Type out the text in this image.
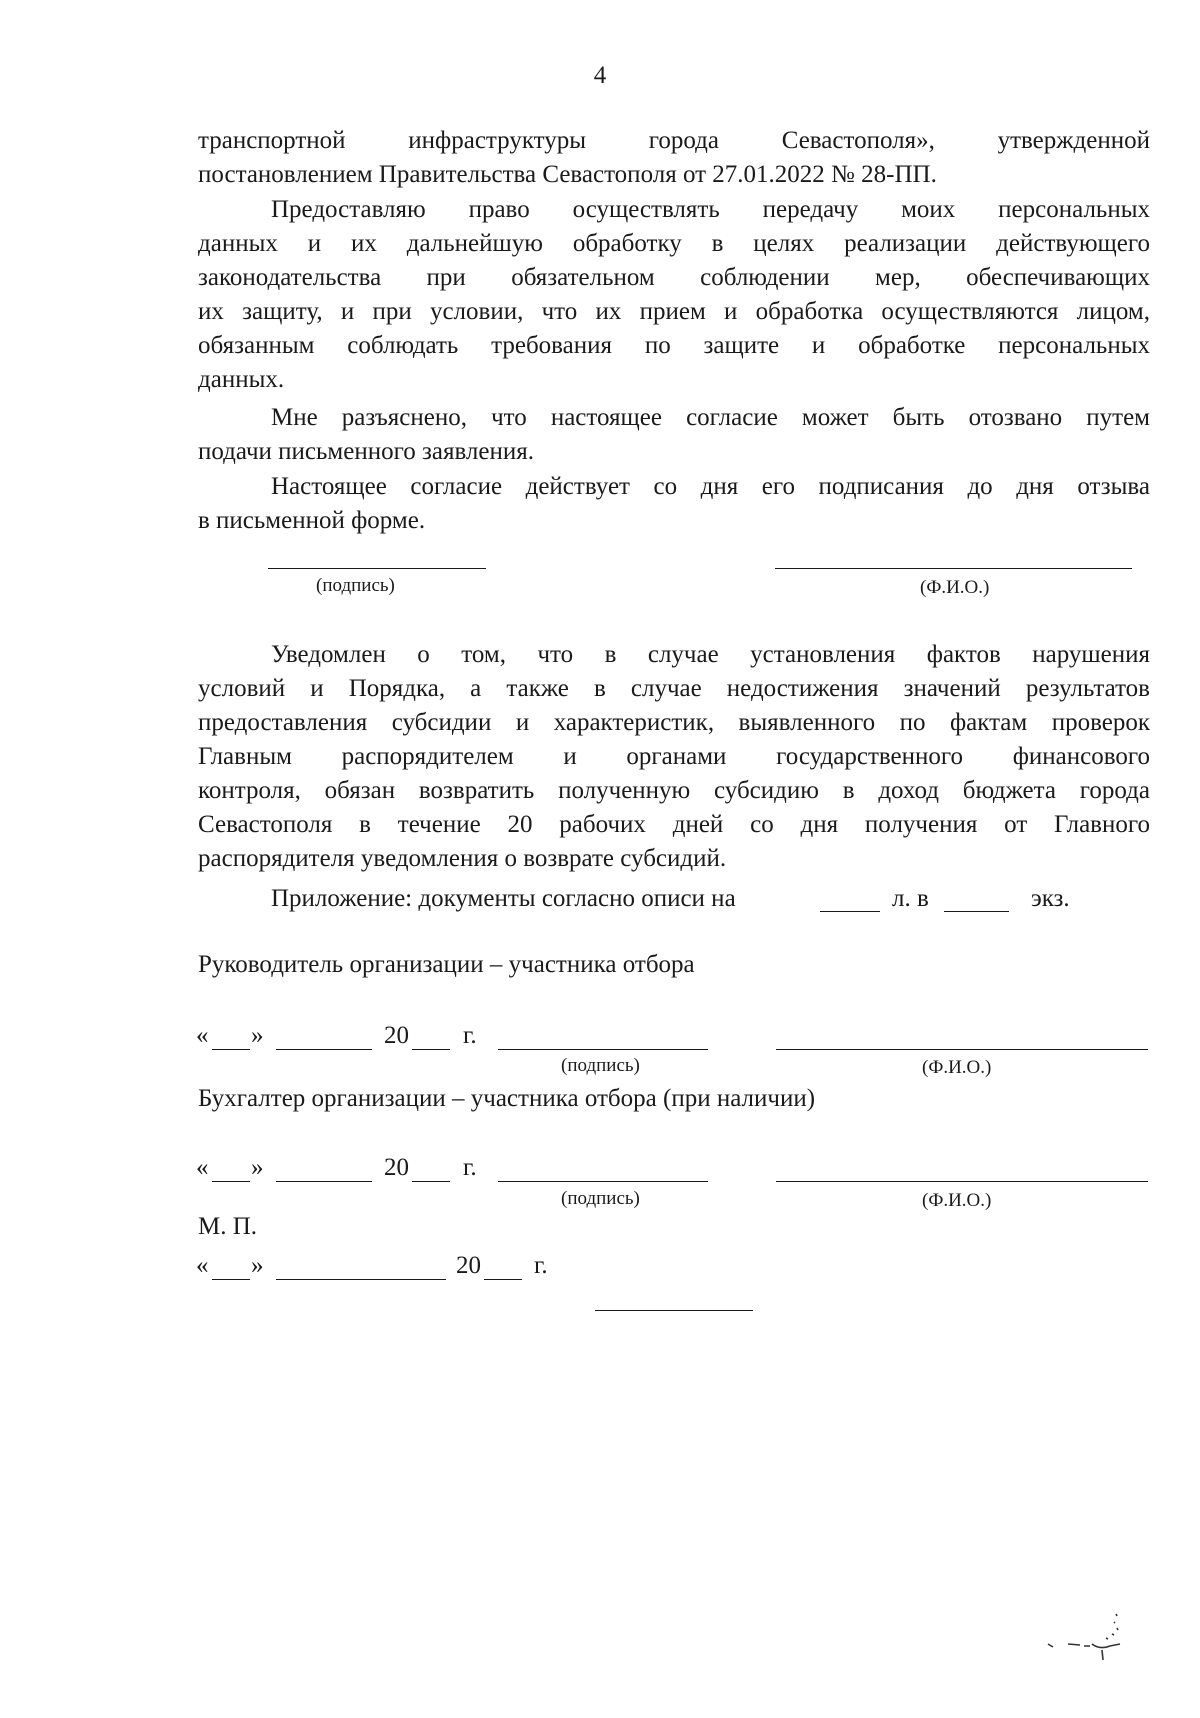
4
транспортной инфраструктуры города Севастополя», утвержденной
постановлением Правительства Севастополя от 27.01.2022 № 28-ПП.
Предоставляю право осуществлять передачу моих персональных
данных и их дальнейшую обработку в целях реализации действующего
законодательства при обязательном соблюдении мер, обеспечивающих
их защиту, и при условии, что их прием и обработка осуществляются лицом,
обязанным соблюдать требования по защите и обработке персональных
данных.
Мне разъяснено, что настоящее согласие может быть отозвано путем
подачи письменного заявления.
Настоящее согласие действует со дня его подписания до дня отзыва
в письменной форме.
(подпись)	(Ф.И.О.)
Уведомлен о том, что в случае установления фактов нарушения
условий и Порядка, а также в случае недостижения значений результатов
предоставления субсидии и характеристик, выявленного по фактам проверок
Главным распорядителем и органами государственного финансового
контроля, обязан возвратить полученную субсидию в доход бюджета города
Севастополя в течение 20 рабочих дней со дня получения от Главного
распорядителя уведомления о возврате субсидий.
Приложение: документы согласно описи на	л. в	экз.
Руководитель организации – участника отбора
« »	20 г.
(подпись)	(Ф.И.О.)
Бухгалтер организации – участника отбора (при наличии)
« »	20 г.
(подпись)	(Ф.И.О.)
М. П.
« »	20 г.
